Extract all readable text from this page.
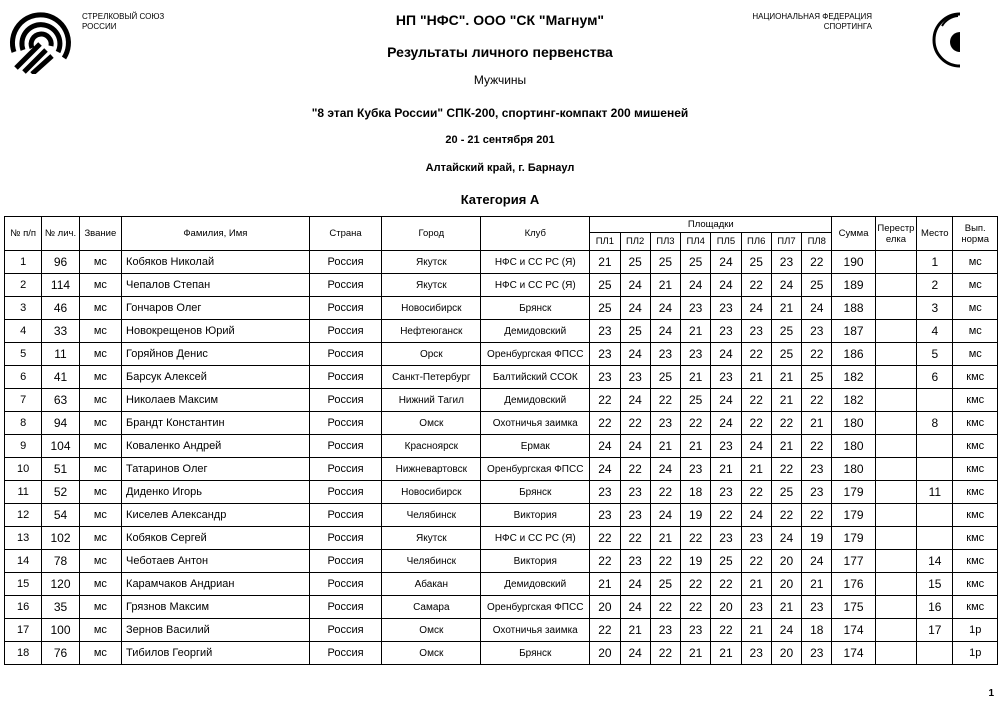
СТРЕЛКОВЫЙ СОЮЗ
РОССИИ
НАЦИОНАЛЬНАЯ ФЕДЕРАЦИЯ
СПОРТИНГА
НП "НФС". ООО "СК "Магнум"
Результаты личного первенства
Мужчины
"8 этап Кубка России" СПК-200, спортинг-компакт 200 мишеней
20 - 21 сентября 201
Алтайский край, г. Барнаул
Категория А
№ п/п	№ лич.	Звание	Фамилия, Имя	Страна	Город	Клуб	Площадки								Сумма	Перестрелка	Место	Вып. норма
							ПЛ1	ПЛ2	ПЛ3	ПЛ4	ПЛ5	ПЛ6	ПЛ7	ПЛ8				
1	96	мс	Кобяков Николай	Россия	Якутск	НФС и СС РС (Я)	21	25	25	25	24	25	23	22	190		1	мс
2	114	мс	Чепалов Степан	Россия	Якутск	НФС и СС РС (Я)	25	24	21	24	24	22	24	25	189		2	мс
3	46	мс	Гончаров Олег	Россия	Новосибирск	Брянск	25	24	24	23	23	24	21	24	188		3	мс
4	33	мс	Новокрещенов Юрий	Россия	Нефтеюганск	Демидовский	23	25	24	21	23	23	25	23	187		4	мс
5	11	мс	Горяйнов Денис	Россия	Орск	Оренбургская ФПСС	23	24	23	23	24	22	25	22	186		5	мс
6	41	мс	Барсук Алексей	Россия	Санкт-Петербург	Балтийский ССОК	23	23	25	21	23	21	21	25	182		6	кмс
7	63	мс	Николаев Максим	Россия	Нижний Тагил	Демидовский	22	24	22	25	24	22	21	22	182			кмс
8	94	мс	Брандт Константин	Россия	Омск	Охотничья заимка	22	22	23	22	24	22	22	21	180		8	кмс
9	104	мс	Коваленко Андрей	Россия	Красноярск	Ермак	24	24	21	21	23	24	21	22	180			кмс
10	51	мс	Татаринов Олег	Россия	Нижневартовск	Оренбургская ФПСС	24	22	24	23	21	21	22	23	180			кмс
11	52	мс	Диденко Игорь	Россия	Новосибирск	Брянск	23	23	22	18	23	22	25	23	179		11	кмс
12	54	мс	Киселев Александр	Россия	Челябинск	Виктория	23	23	24	19	22	24	22	22	179			кмс
13	102	мс	Кобяков Сергей	Россия	Якутск	НФС и СС РС (Я)	22	22	21	22	23	23	24	19	179			кмс
14	78	мс	Чеботаев Антон	Россия	Челябинск	Виктория	22	23	22	19	25	22	20	24	177		14	кмс
15	120	мс	Карамчаков Андриан	Россия	Абакан	Демидовский	21	24	25	22	22	21	20	21	176		15	кмс
16	35	мс	Грязнов Максим	Россия	Самара	Оренбургская ФПСС	20	24	22	22	20	23	21	23	175		16	кмс
17	100	мс	Зернов Василий	Россия	Омск	Охотничья заимка	22	21	23	23	22	21	24	18	174		17	1р
18	76	мс	Тибилов Георгий	Россия	Омск	Брянск	20	24	22	21	21	23	20	23	174			1р
1
